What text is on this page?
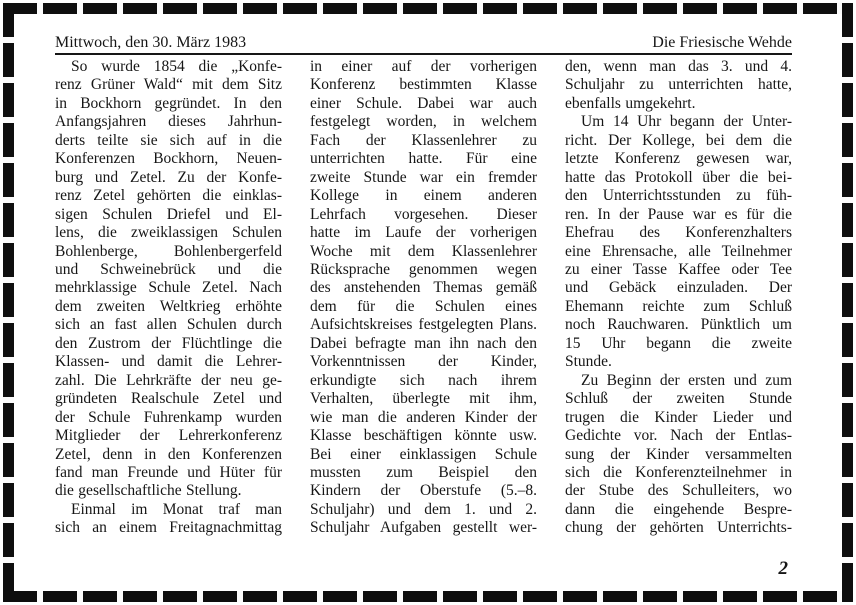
Mittwoch, den 30. März 1983	Die Friesische Wehde
So wurde 1854 die „Konfe-
renz Grüner Wald“ mit dem Sitz
in Bockhorn gegründet. In den
Anfangsjahren dieses Jahrhun-
derts teilte sie sich auf in die
Konferenzen Bockhorn, Neuen-
burg und Zetel. Zu der Konfe-
renz Zetel gehörten die einklas-
sigen Schulen Driefel und El-
lens, die zweiklassigen Schulen
Bohlenberge, Bohlenbergerfeld
und Schweinebrück und die
mehrklassige Schule Zetel. Nach
dem zweiten Weltkrieg erhöhte
sich an fast allen Schulen durch
den Zustrom der Flüchtlinge die
Klassen- und damit die Lehrer-
zahl. Die Lehrkräfte der neu ge-
gründeten Realschule Zetel und
der Schule Fuhrenkamp wurden
Mitglieder der Lehrerkonferenz
Zetel, denn in den Konferenzen
fand man Freunde und Hüter für
die gesellschaftliche Stellung.
Einmal im Monat traf man
sich an einem Freitagnachmittag
in einer auf der vorherigen
Konferenz bestimmten Klasse
einer Schule. Dabei war auch
festgelegt worden, in welchem
Fach der Klassenlehrer zu
unterrichten hatte. Für eine
zweite Stunde war ein fremder
Kollege in einem anderen
Lehrfach vorgesehen. Dieser
hatte im Laufe der vorherigen
Woche mit dem Klassenlehrer
Rücksprache genommen wegen
des anstehenden Themas gemäß
dem für die Schulen eines
Aufsichtskreises festgelegten Plans.
Dabei befragte man ihn nach den
Vorkenntnissen der Kinder,
erkundigte sich nach ihrem
Verhalten, überlegte mit ihm,
wie man die anderen Kinder der
Klasse beschäftigen könnte usw.
Bei einer einklassigen Schule
mussten zum Beispiel den
Kindern der Oberstufe (5.–8.
Schuljahr) und dem 1. und 2.
Schuljahr Aufgaben gestellt wer-
den, wenn man das 3. und 4.
Schuljahr zu unterrichten hatte,
ebenfalls umgekehrt.
Um 14 Uhr begann der Unter-
richt. Der Kollege, bei dem die
letzte Konferenz gewesen war,
hatte das Protokoll über die bei-
den Unterrichtsstunden zu füh-
ren. In der Pause war es für die
Ehefrau des Konferenzhalters
eine Ehrensache, alle Teilnehmer
zu einer Tasse Kaffee oder Tee
und Gebäck einzuladen. Der
Ehemann reichte zum Schluß
noch Rauchwaren. Pünktlich um
15 Uhr begann die zweite
Stunde.
Zu Beginn der ersten und zum
Schluß der zweiten Stunde
trugen die Kinder Lieder und
Gedichte vor. Nach der Entlas-
sung der Kinder versammelten
sich die Konferenzteilnehmer in
der Stube des Schulleiters, wo
dann die eingehende Bespre-
chung der gehörten Unterrichts-
2
